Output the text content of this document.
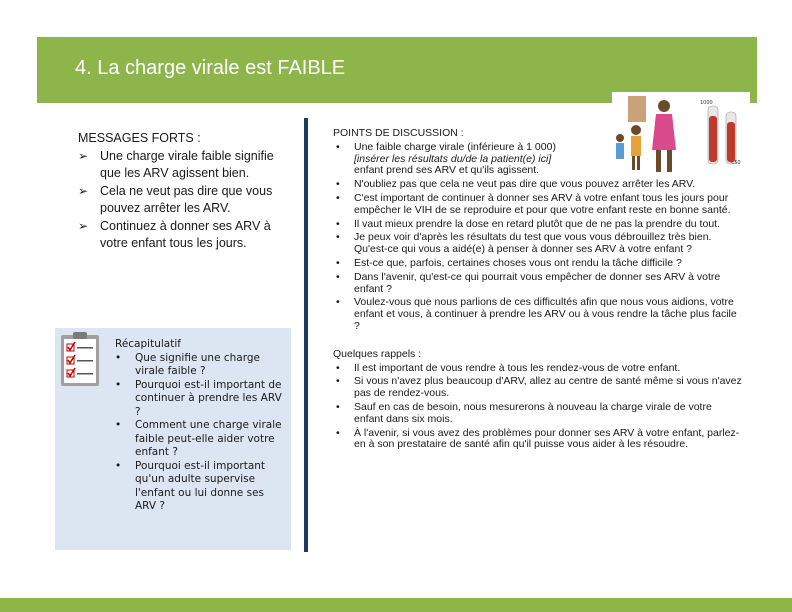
4. La charge virale est FAIBLE
MESSAGES FORTS :
➢ Une charge virale faible signifie que les ARV agissent bien.
➢ Cela ne veut pas dire que vous pouvez arrêter les ARV.
➢ Continuez à donner ses ARV à votre enfant tous les jours.
Récapitulatif
• Que signifie une charge virale faible ?
• Pourquoi est-il important de continuer à prendre les ARV ?
• Comment une charge virale faible peut-elle aider votre enfant ?
• Pourquoi est-il important qu'un adulte supervise l'enfant ou lui donne ses ARV ?
1000
<50
POINTS DE DISCUSSION :
• Une faible charge virale (inférieure à 1 000)
[insérer les résultats du/de la patient(e) ici]
enfant prend ses ARV et qu'ils agissent.
• N'oubliez pas que cela ne veut pas dire que vous pouvez arrêter les ARV.
• C'est important de continuer à donner ses ARV à votre enfant tous les jours pour empêcher le VIH de se reproduire et pour que votre enfant reste en bonne santé.
• Il vaut mieux prendre la dose en retard plutôt que de ne pas la prendre du tout.
• Je peux voir d'après les résultats du test que vous vous débrouillez très bien. Qu'est-ce qui vous a aidé(e) à penser à donner ses ARV à votre enfant ?
• Est-ce que, parfois, certaines choses vous ont rendu la tâche difficile ?
• Dans l'avenir, qu'est-ce qui pourrait vous empêcher de donner ses ARV à votre enfant ?
• Voulez-vous que nous parlions de ces difficultés afin que nous vous aidions, votre enfant et vous, à continuer à prendre les ARV ou à vous rendre la tâche plus facile ?
Quelques rappels :
• Il est important de vous rendre à tous les rendez-vous de votre enfant.
• Si vous n'avez plus beaucoup d'ARV, allez au centre de santé même si vous n'avez pas de rendez-vous.
• Sauf en cas de besoin, nous mesurerons à nouveau la charge virale de votre enfant dans six mois.
• À l'avenir, si vous avez des problèmes pour donner ses ARV à votre enfant, parlez-en à son prestataire de santé afin qu'il puisse vous aider à les résoudre.
